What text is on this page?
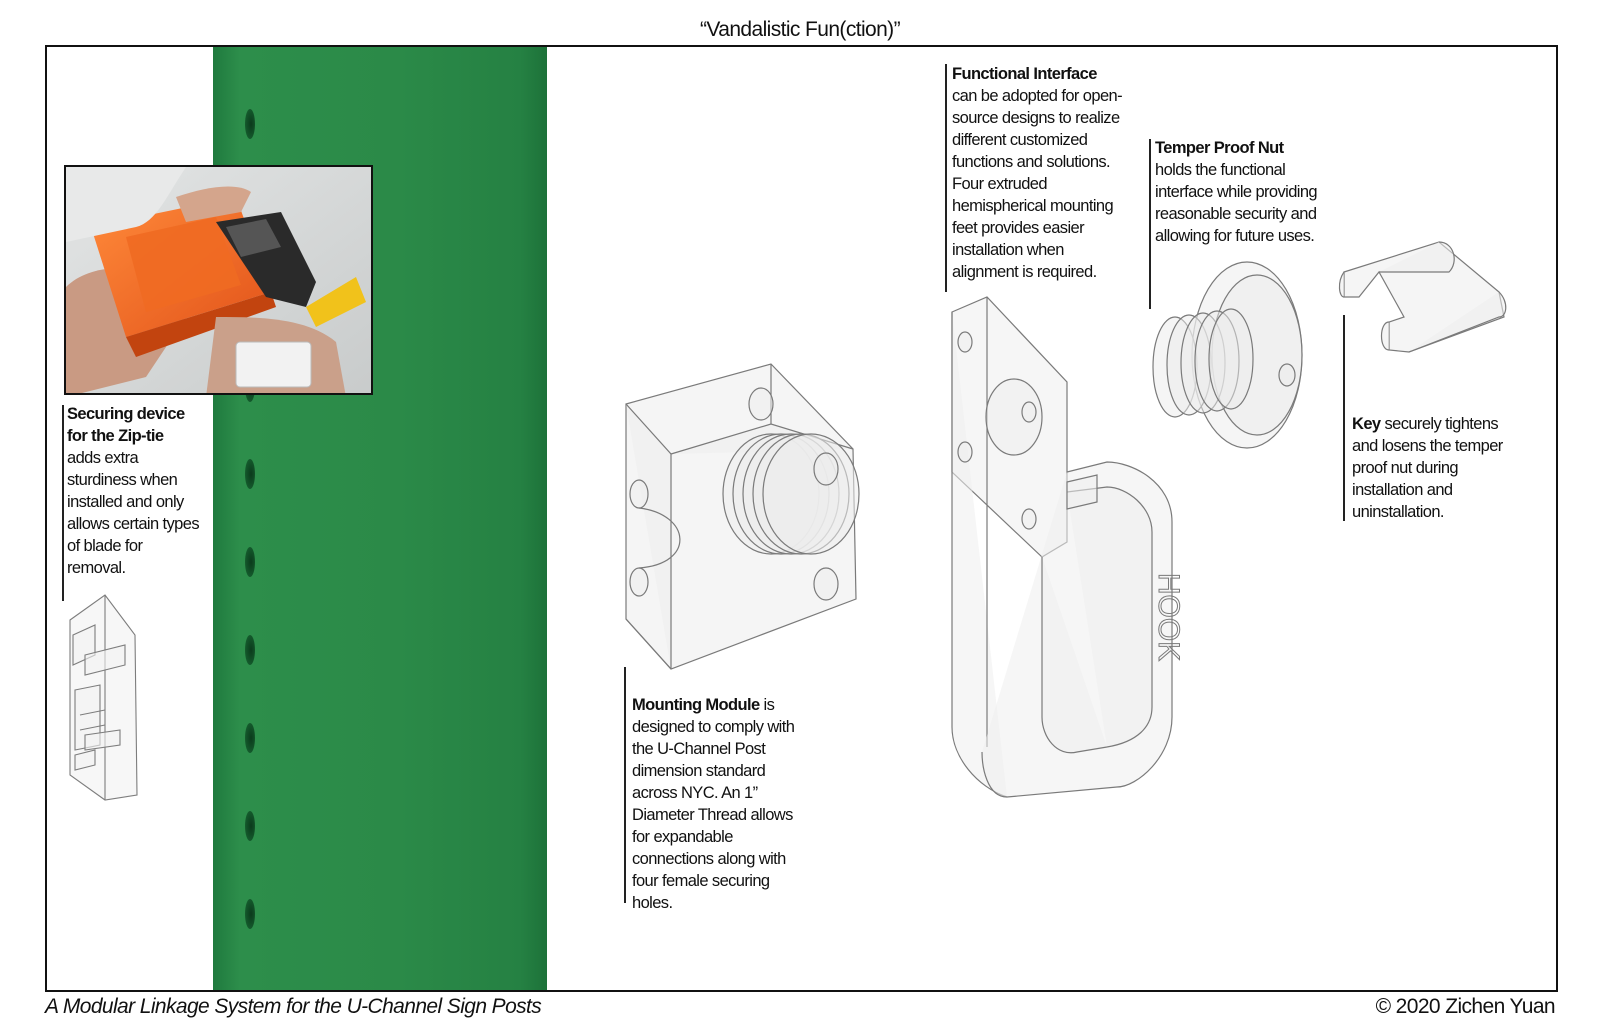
“Vandalistic Fun(ction)”
Securing device for the Zip-tie adds extra sturdiness when installed and only allows certain types of blade for removal.
Mounting Module is designed to comply with the U-Channel Post dimension standard across NYC. An 1” Diameter Thread allows for expandable connections along with four female securing holes.
Functional Interface
can be adopted for open-source designs to realize different customized functions and solutions. Four extruded hemispherical mounting feet provides easier installation when alignment is required.
HOOK
Temper Proof Nut
holds the functional interface while providing reasonable security and allowing for future uses.
Key securely tightens and losens the temper proof nut during installation and uninstallation.
A Modular Linkage System for the U-Channel Sign Posts	© 2020 Zichen Yuan
